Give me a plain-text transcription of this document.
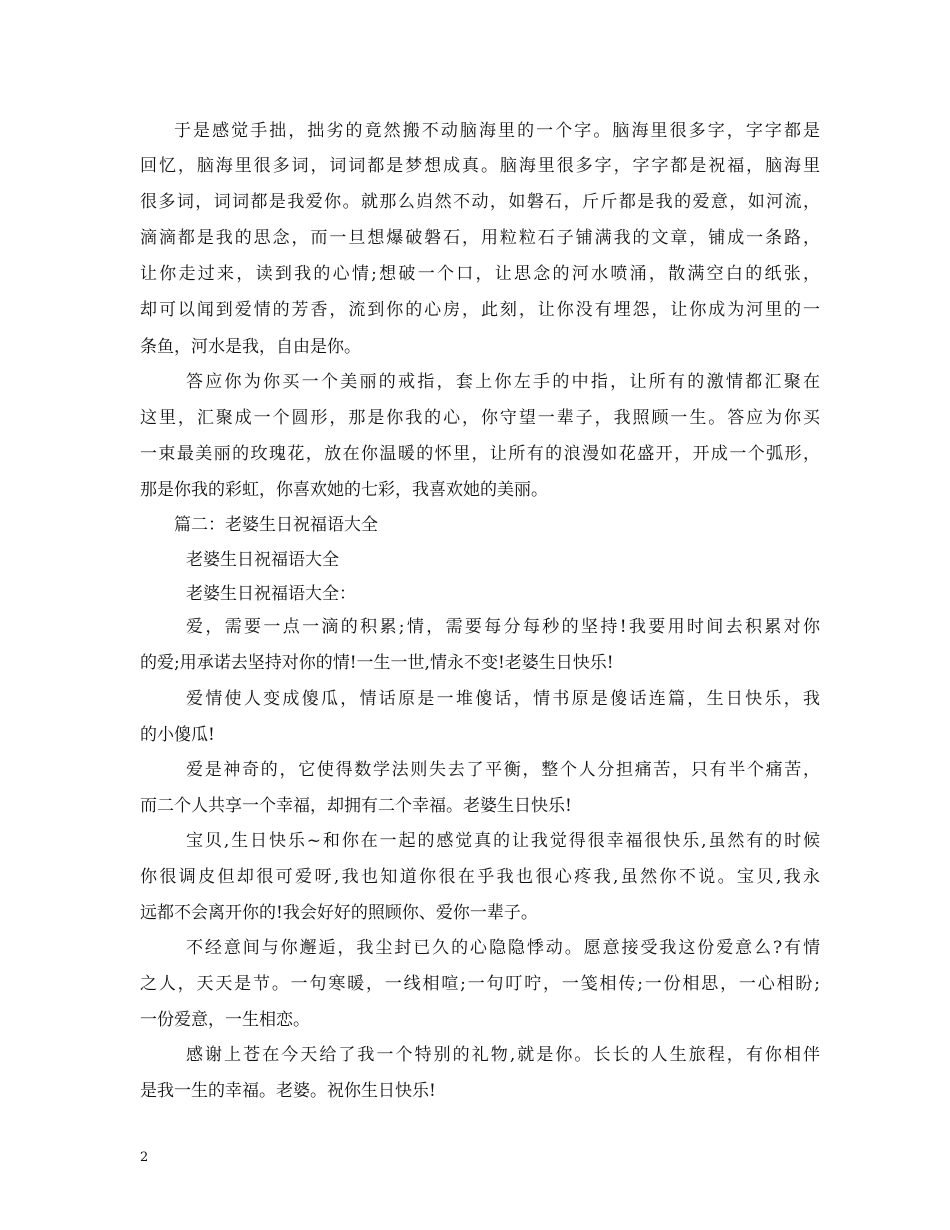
于是感觉手拙，拙劣的竟然搬不动脑海里的一个字。脑海里很多字，字字都是
回忆，脑海里很多词，词词都是梦想成真。脑海里很多字，字字都是祝福，脑海里
很多词，词词都是我爱你。就那么岿然不动，如磐石，斤斤都是我的爱意，如河流，
滴滴都是我的思念，而一旦想爆破磐石，用粒粒石子铺满我的文章，铺成一条路，
让你走过来，读到我的心情;想破一个口，让思念的河水喷涌，散满空白的纸张，
却可以闻到爱情的芳香，流到你的心房，此刻，让你没有埋怨，让你成为河里的一
条鱼，河水是我，自由是你。
答应你为你买一个美丽的戒指，套上你左手的中指，让所有的激情都汇聚在
这里，汇聚成一个圆形，那是你我的心，你守望一辈子，我照顾一生。答应为你买
一束最美丽的玫瑰花，放在你温暖的怀里，让所有的浪漫如花盛开，开成一个弧形，
那是你我的彩虹，你喜欢她的七彩，我喜欢她的美丽。
篇二：老婆生日祝福语大全
老婆生日祝福语大全
老婆生日祝福语大全：
爱，需要一点一滴的积累;情，需要每分每秒的坚持!我要用时间去积累对你
的爱;用承诺去坚持对你的情!一生一世,情永不变!老婆生日快乐!
爱情使人变成傻瓜，情话原是一堆傻话，情书原是傻话连篇，生日快乐，我
的小傻瓜!
爱是神奇的，它使得数学法则失去了平衡，整个人分担痛苦，只有半个痛苦，
而二个人共享一个幸福，却拥有二个幸福。老婆生日快乐!
宝贝,生日快乐~和你在一起的感觉真的让我觉得很幸福很快乐,虽然有的时候
你很调皮但却很可爱呀,我也知道你很在乎我也很心疼我,虽然你不说。宝贝,我永
远都不会离开你的!我会好好的照顾你、爱你一辈子。
不经意间与你邂逅，我尘封已久的心隐隐悸动。愿意接受我这份爱意么?有情
之人，天天是节。一句寒暖，一线相喧;一句叮咛，一笺相传;一份相思，一心相盼;
一份爱意，一生相恋。
感谢上苍在今天给了我一个特别的礼物,就是你。长长的人生旅程，有你相伴
是我一生的幸福。老婆。祝你生日快乐!
2
